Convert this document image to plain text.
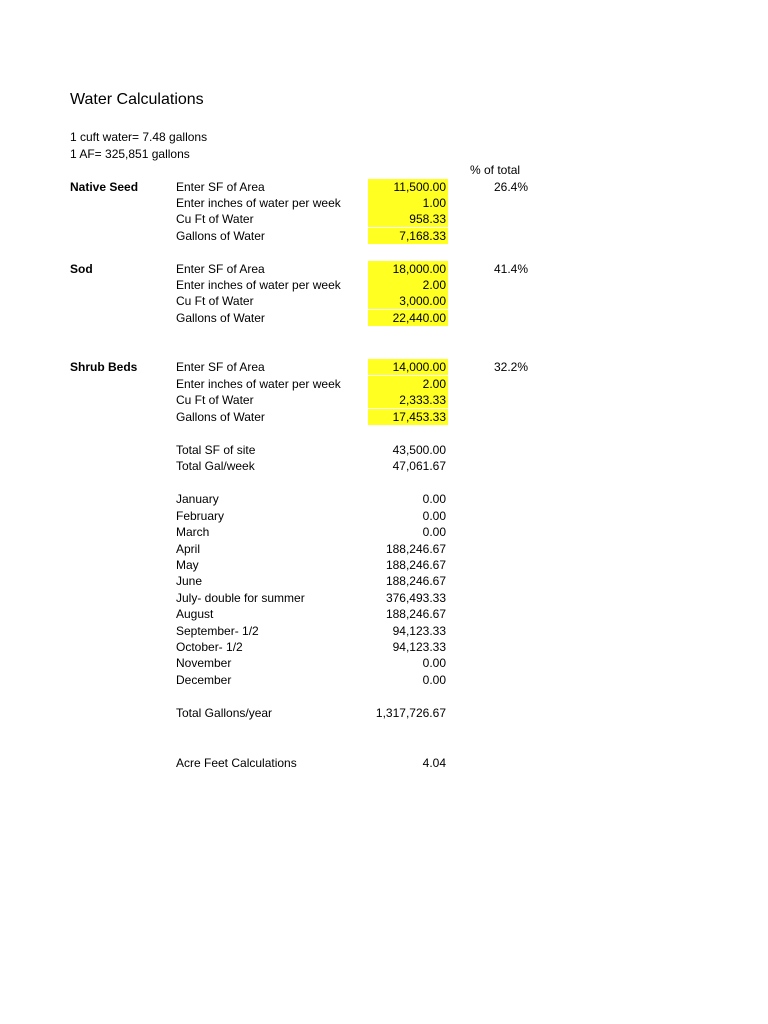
Water Calculations
1 cuft water= 7.48 gallons
1 AF= 325,851 gallons
% of total
Native Seed	Enter SF of Area	11,500.00	26.4%
Enter inches of water per week	1.00
Cu Ft of Water	958.33
Gallons of Water	7,168.33
Sod	Enter SF of Area	18,000.00	41.4%
Enter inches of water per week	2.00
Cu Ft of Water	3,000.00
Gallons of Water	22,440.00
Shrub Beds	Enter SF of Area	14,000.00	32.2%
Enter inches of water per week	2.00
Cu Ft of Water	2,333.33
Gallons of Water	17,453.33
Total SF of site	43,500.00
Total Gal/week	47,061.67
January	0.00
February	0.00
March	0.00
April	188,246.67
May	188,246.67
June	188,246.67
July- double for summer	376,493.33
August	188,246.67
September- 1/2	94,123.33
October- 1/2	94,123.33
November	0.00
December	0.00
Total Gallons/year	1,317,726.67
Acre Feet Calculations	4.04
